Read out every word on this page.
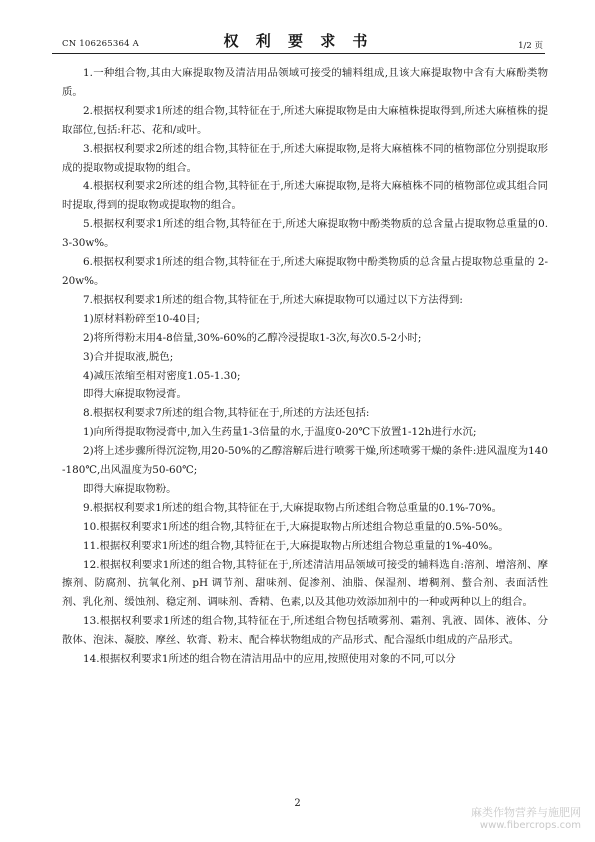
CN 106265364 A	权 利 要 求 书	1/2 页

1.一种组合物,其由大麻提取物及清洁用品领域可接受的辅料组成,且该大麻提取物中含有大麻酚类物质。

2.根据权利要求1所述的组合物,其特征在于,所述大麻提取物是由大麻植株提取得到,所述大麻植株的提取部位,包括:秆芯、花和/或叶。

3.根据权利要求2所述的组合物,其特征在于,所述大麻提取物,是将大麻植株不同的植物部位分别提取形成的提取物或提取物的组合。

4.根据权利要求2所述的组合物,其特征在于,所述大麻提取物,是将大麻植株不同的植物部位或其组合同时提取,得到的提取物或提取物的组合。

5.根据权利要求1所述的组合物,其特征在于,所述大麻提取物中酚类物质的总含量占提取物总重量的0.3-30w%。

6.根据权利要求1所述的组合物,其特征在于,所述大麻提取物中酚类物质的总含量占提取物总重量的 2-20w%。

7.根据权利要求1所述的组合物,其特征在于,所述大麻提取物可以通过以下方法得到:

1)原材料粉碎至10-40目;

2)将所得粉末用4-8倍量,30%-60%的乙醇冷浸提取1-3次,每次0.5-2小时;

3)合并提取液,脱色;

4)减压浓缩至相对密度1.05-1.30;

即得大麻提取物浸膏。

8.根据权利要求7所述的组合物,其特征在于,所述的方法还包括:

1)向所得提取物浸膏中,加入生药量1-3倍量的水,于温度0-20℃下放置1-12h进行水沉;

2)将上述步骤所得沉淀物,用20-50%的乙醇溶解后进行喷雾干燥,所述喷雾干燥的条件:进风温度为140-180℃,出风温度为50-60℃;

即得大麻提取物粉。

9.根据权利要求1所述的组合物,其特征在于,大麻提取物占所述组合物总重量的0.1%-70%。

10.根据权利要求1所述的组合物,其特征在于,大麻提取物占所述组合物总重量的0.5%-50%。

11.根据权利要求1所述的组合物,其特征在于,大麻提取物占所述组合物总重量的1%-40%。

12.根据权利要求1所述的组合物,其特征在于,所述清洁用品领域可接受的辅料选自:溶剂、增溶剂、摩擦剂、防腐剂、抗氧化剂、pH 调节剂、甜味剂、促渗剂、油脂、保湿剂、增稠剂、螯合剂、表面活性剂、乳化剂、缓蚀剂、稳定剂、调味剂、香精、色素,以及其他功效添加剂中的一种或两种以上的组合。

13.根据权利要求1所述的组合物,其特征在于,所述组合物包括喷雾剂、霜剂、乳液、固体、液体、分散体、泡沫、凝胶、摩丝、软膏、粉末、配合棒状物组成的产品形式、配合湿纸巾组成的产品形式。

14.根据权利要求1所述的组合物在清洁用品中的应用,按照使用对象的不同,可以分

2
麻类作物营养与施肥网
www.fibercrops.com
